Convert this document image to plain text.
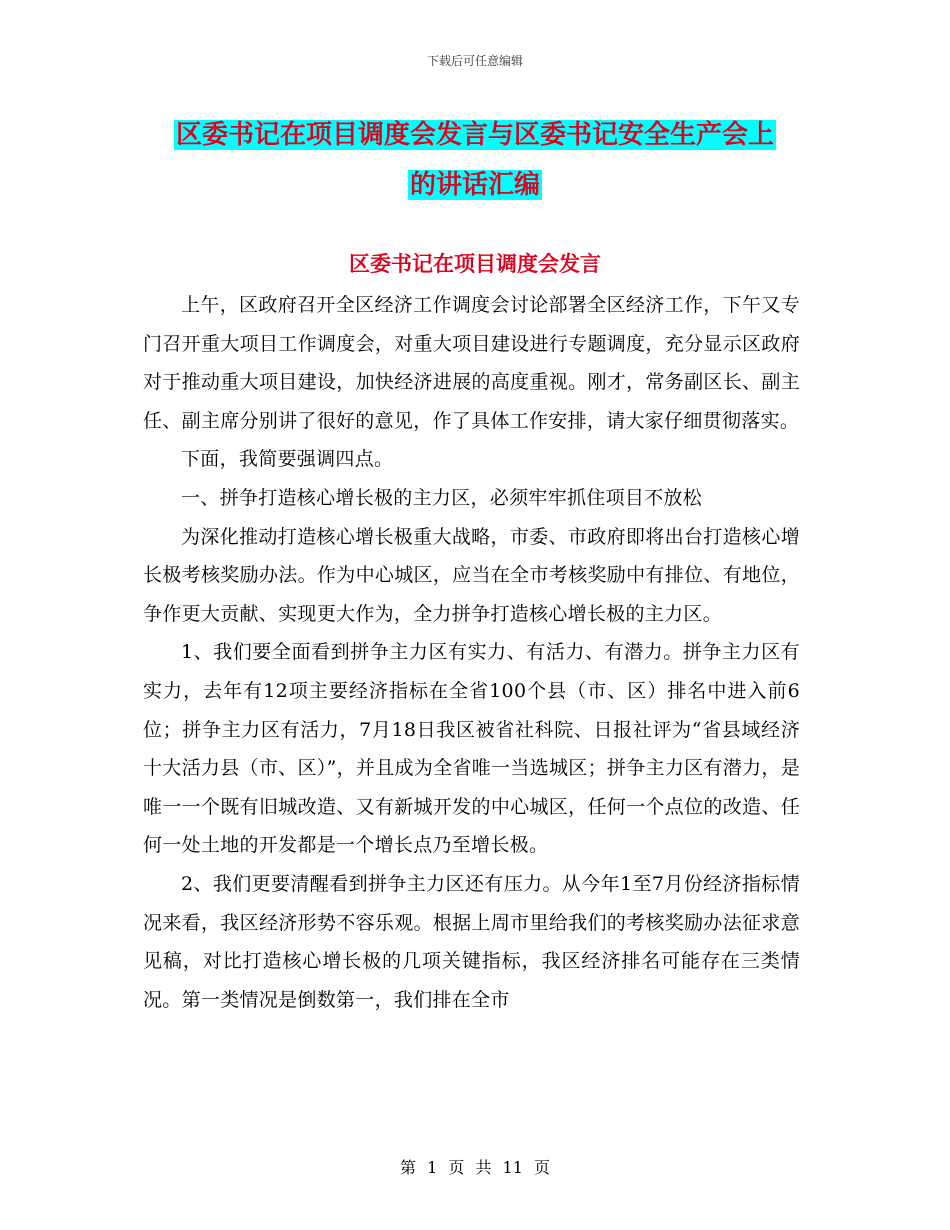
下载后可任意编辑
区委书记在项目调度会发言与区委书记安全生产会上
的讲话汇编
区委书记在项目调度会发言

上午，区政府召开全区经济工作调度会讨论部署全区经济工作，下午又专门召开重大项目工作调度会，对重大项目建设进行专题调度，充分显示区政府对于推动重大项目建设，加快经济进展的高度重视。刚才，常务副区长、副主任、副主席分别讲了很好的意见，作了具体工作安排，请大家仔细贯彻落实。

下面，我简要强调四点。

一、拼争打造核心增长极的主力区，必须牢牢抓住项目不放松

为深化推动打造核心增长极重大战略，市委、市政府即将出台打造核心增长极考核奖励办法。作为中心城区，应当在全市考核奖励中有排位、有地位，争作更大贡献、实现更大作为，全力拼争打造核心增长极的主力区。

1、我们要全面看到拼争主力区有实力、有活力、有潜力。拼争主力区有实力，去年有12项主要经济指标在全省100个县（市、区）排名中进入前6位；拼争主力区有活力，7月18日我区被省社科院、日报社评为“省县域经济十大活力县（市、区）”，并且成为全省唯一当选城区；拼争主力区有潜力，是唯一一个既有旧城改造、又有新城开发的中心城区，任何一个点位的改造、任何一处土地的开发都是一个增长点乃至增长极。

2、我们更要清醒看到拼争主力区还有压力。从今年1至7月份经济指标情况来看，我区经济形势不容乐观。根据上周市里给我们的考核奖励办法征求意见稿，对比打造核心增长极的几项关键指标，我区经济排名可能存在三类情况。第一类情况是倒数第一，我们排在全市

第 1 页 共 11 页
